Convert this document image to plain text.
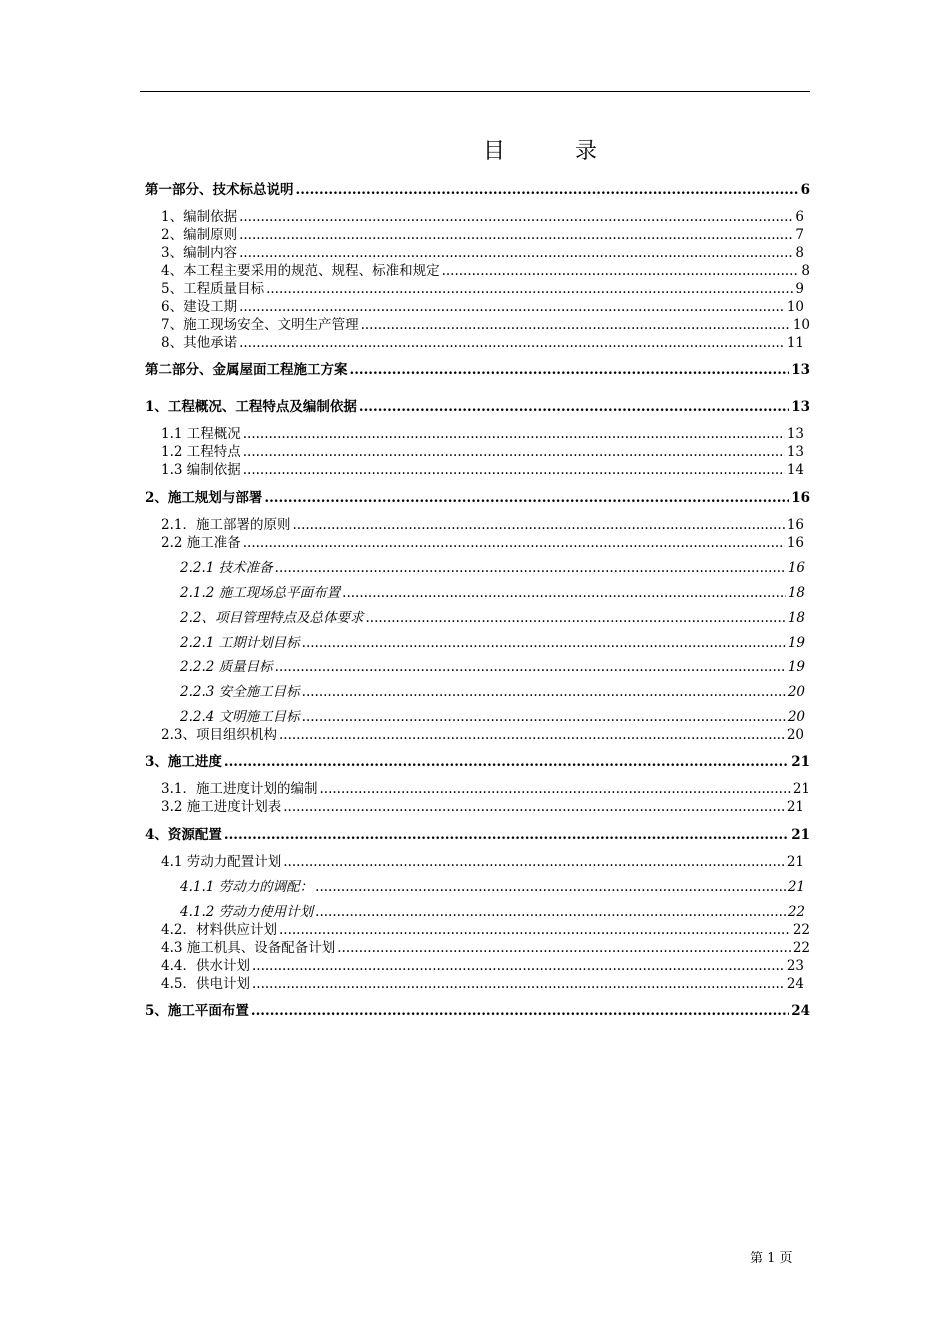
目	录
第一部分、技术标总说明 .....	6
1、编制依据 .....	6
2、编制原则 .....	7
3、编制内容 .....	8
4、本工程主要采用的规范、规程、标准和规定 .....	8
5、工程质量目标 .....	9
6、建设工期 .....	10
7、施工现场安全、文明生产管理 .....	10
8、其他承诺 .....	11
第二部分、金属屋面工程施工方案 .....	13
1、工程概况、工程特点及编制依据 .....	13
1.1 工程概况 .....	13
1.2 工程特点 .....	13
1.3 编制依据 .....	14
2、施工规划与部署 .....	16
2.1．施工部署的原则 .....	16
2.2 施工准备 .....	16
2.2.1 技术准备 .....	16
2.1.2 施工现场总平面布置 .....	18
2.2、项目管理特点及总体要求 .....	18
2.2.1 工期计划目标 .....	19
2.2.2 质量目标 .....	19
2.2.3 安全施工目标 .....	20
2.2.4 文明施工目标 .....	20
2.3、项目组织机构 .....	20
3、施工进度 .....	21
3.1．施工进度计划的编制 .....	21
3.2 施工进度计划表 .....	21
4、资源配置 .....	21
4.1 劳动力配置计划 .....	21
4.1.1 劳动力的调配： .....	21
4.1.2 劳动力使用计划 .....	22
4.2．材料供应计划 .....	22
4.3 施工机具、设备配备计划 .....	22
4.4．供水计划 .....	23
4.5．供电计划 .....	24
5、施工平面布置 .....	24
第 1 页
